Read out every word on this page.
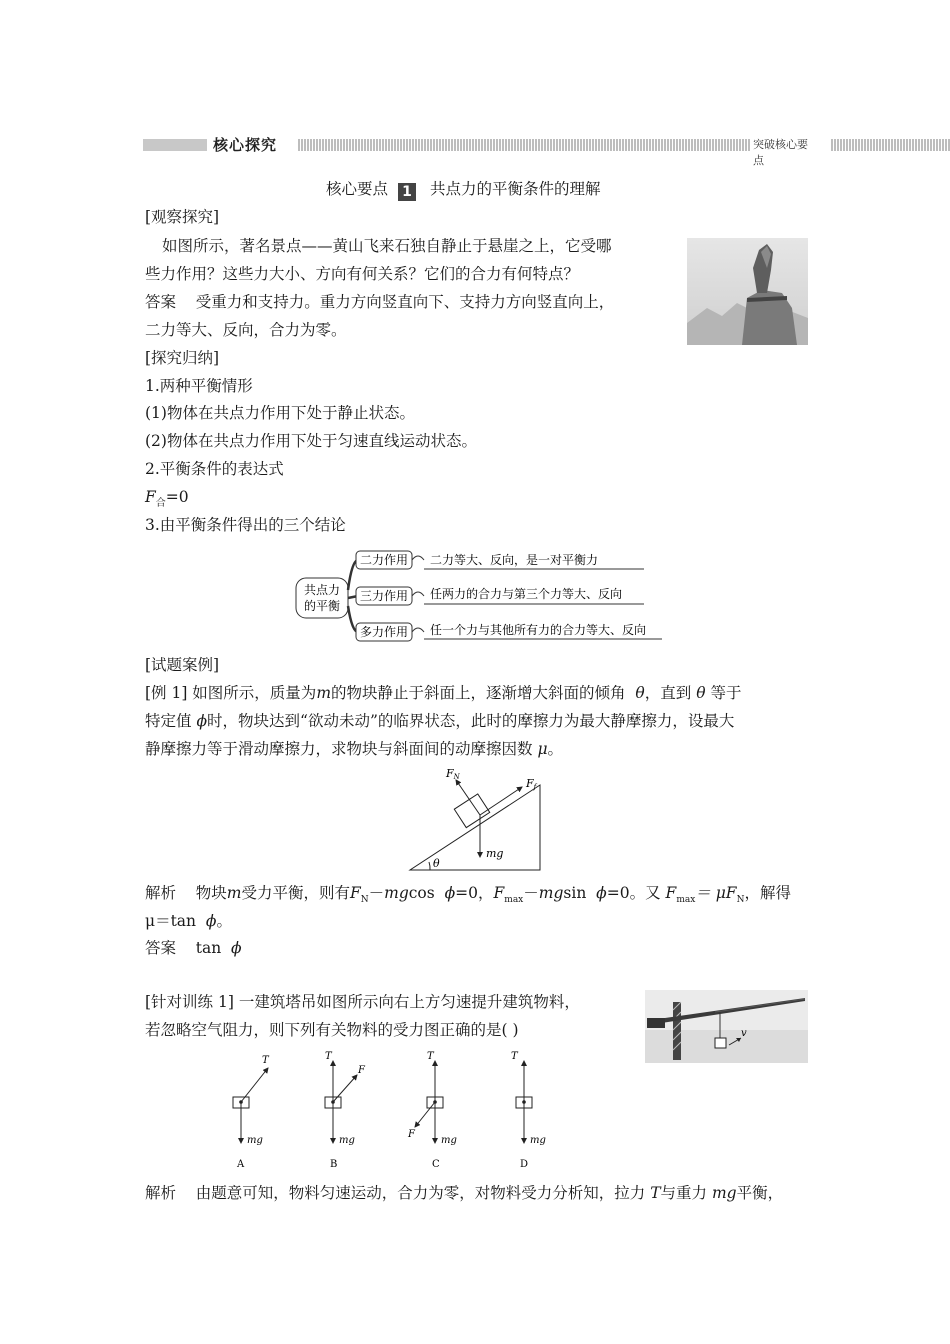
核心探究	突破核心要点
核心要点 1 共点力的平衡条件的理解
[观察探究]
如图所示，著名景点——黄山飞来石独自静止于悬崖之上，它受哪
些力作用？这些力大小、方向有何关系？它们的合力有何特点？
答案 受重力和支持力。重力方向竖直向下、支持力方向竖直向上，
二力等大、反向，合力为零。
[探究归纳]
1.两种平衡情形
(1)物体在共点力作用下处于静止状态。
(2)物体在共点力作用下处于匀速直线运动状态。
2.平衡条件的表达式
$F_合=0$
3.由平衡条件得出的三个结论
共点力
的平衡
二力作用 二力等大、反向，是一对平衡力
三力作用 任两力的合力与第三个力等大、反向
多力作用 任一个力与其他所有力的合力等大、反向
[试题案例]
[例 1] 如图所示，质量为m的物块静止于斜面上，逐渐增大斜面的倾角 θ，直到 θ 等于
特定值 ϕ时，物块达到“欲动未动”的临界状态，此时的摩擦力为最大静摩擦力，设最大
静摩擦力等于滑动摩擦力，求物块与斜面间的动摩擦因数 μ。
θ
FN	Ff
mg
解析 物块m受力平衡，则有$F_N-mgcos$ ϕ=0，$F_{max}-mgsin$ ϕ=0。又 $F_{max}= \mu F_N$，解得
μ＝tan ϕ。
答案 tan ϕ
[针对训练 1] 一建筑塔吊如图所示向右上方匀速提升建筑物料，
若忽略空气阻力，则下列有关物料的受力图正确的是( )	v
T
mg
A
T
F
mg
B
T
F
mg
C
T
mg
D
解析 由题意可知，物料匀速运动，合力为零，对物料受力分析知，拉力 T与重力 mg平衡，
